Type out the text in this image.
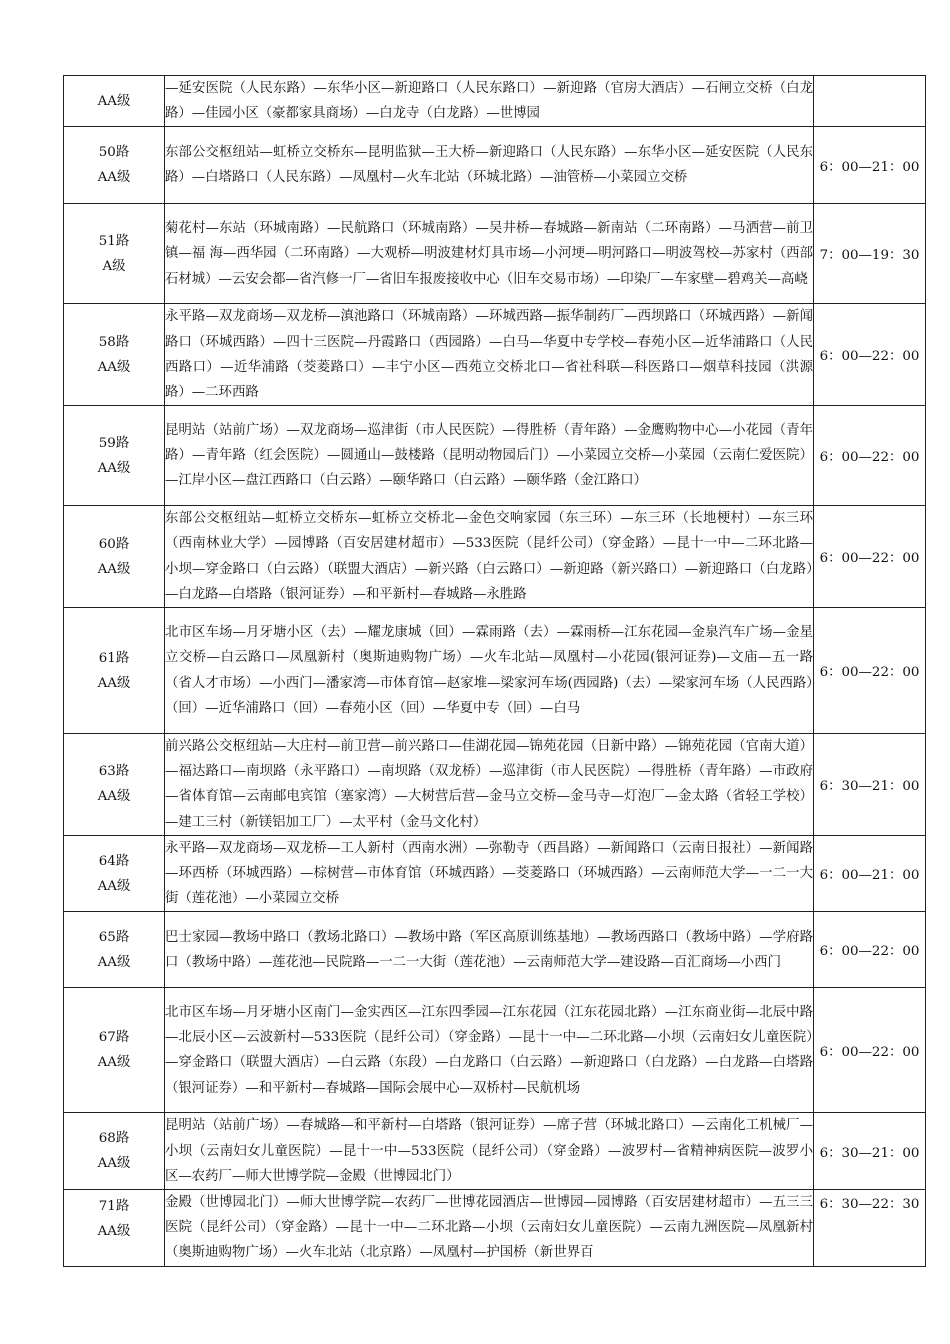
AA级	—延安医院（人民东路）—东华小区—新迎路口（人民东路口）—新迎路（官房大酒店）—石闸立交桥（白龙路）—佳园小区（豪都家具商场）—白龙寺（白龙路）—世博园	

50路
AA级	东部公交枢纽站—虹桥立交桥东—昆明监狱—王大桥—新迎路口（人民东路）—东华小区—延安医院（人民东路）—白塔路口（人民东路）—凤凰村—火车北站（环城北路）—油管桥—小菜园立交桥	6：00—21：00

51路
A级	菊花村—东站（环城南路）—民航路口（环城南路）—吴井桥—春城路—新南站（二环南路）—马洒营—前卫镇—福 海—西华园（二环南路）—大观桥—明波建材灯具市场—小河埂—明河路口—明波驾校—苏家村（西部石材城）—云安会都—省汽修一厂—省旧车报废接收中心（旧车交易市场）—印染厂—车家壁—碧鸡关—高峣	7：00—19：30

58路
AA级	永平路—双龙商场—双龙桥—滇池路口（环城南路）—环城西路—振华制药厂—西坝路口（环城西路）—新闻路口（环城西路）—四十三医院—丹霞路口（西园路）—白马—华夏中专学校—春苑小区—近华浦路口（人民西路口）—近华浦路（茭菱路口）—丰宁小区—西苑立交桥北口—省社科联—科医路口—烟草科技园（洪源路）—二环西路	6：00—22：00

59路
AA级	昆明站（站前广场）—双龙商场—巡津街（市人民医院）—得胜桥（青年路）—金鹰购物中心—小花园（青年路）—青年路（红会医院）—圆通山—鼓楼路（昆明动物园后门）—小菜园立交桥—小菜园（云南仁爱医院）—江岸小区—盘江西路口（白云路）—颐华路口（白云路）—颐华路（金江路口）	6：00—22：00

60路
AA级	东部公交枢纽站—虹桥立交桥东—虹桥立交桥北—金色交响家园（东三环）—东三环（长地梗村）—东三环（西南林业大学）—园博路（百安居建材超市）—533医院（昆纤公司）（穿金路）—昆十一中—二环北路—小坝—穿金路口（白云路）（联盟大酒店）—新兴路（白云路口）—新迎路（新兴路口）—新迎路口（白龙路）—白龙路—白塔路（银河证券）—和平新村—春城路—永胜路	6：00—22：00

61路
AA级	北市区车场—月牙塘小区（去）—耀龙康城（回）—霖雨路（去）—霖雨桥—江东花园—金泉汽车广场—金星立交桥—白云路口—凤凰新村（奥斯迪购物广场）—火车北站—凤凰村—小花园(银河证券)—文庙—五一路（省人才市场）—小西门—潘家湾—市体育馆—赵家堆—梁家河车场(西园路)（去）—梁家河车场（人民西路）（回）—近华浦路口（回）—春苑小区（回）—华夏中专（回）—白马	6：00—22：00

63路
AA级	前兴路公交枢纽站—大庄村—前卫营—前兴路口—佳湖花园—锦苑花园（日新中路）—锦苑花园（官南大道）—福达路口—南坝路（永平路口）—南坝路（双龙桥）—巡津街（市人民医院）—得胜桥（青年路）—市政府—省体育馆—云南邮电宾馆（塞家湾）—大树营后营—金马立交桥—金马寺—灯泡厂—金太路（省轻工学校）—建工三村（新镁铝加工厂）—太平村（金马文化村）	6：30—21：00

64路
AA级	永平路—双龙商场—双龙桥—工人新村（西南水洲）—弥勒寺（西昌路）—新闻路口（云南日报社）—新闻路—环西桥（环城西路）—棕树营—市体育馆（环城西路）—茭菱路口（环城西路）—云南师范大学—一二一大街（莲花池）—小菜园立交桥	6：00—21：00

65路
AA级	巴士家园—教场中路口（教场北路口）—教场中路（军区高原训练基地）—教场西路口（教场中路）—学府路口（教场中路）—莲花池—民院路—一二一大街（莲花池）—云南师范大学—建设路—百汇商场—小西门	6：00—22：00

67路
AA级	北市区车场—月牙塘小区南门—金实西区—江东四季园—江东花园（江东花园北路）—江东商业街—北辰中路—北辰小区—云波新村—533医院（昆纤公司）（穿金路）—昆十一中—二环北路—小坝（云南妇女儿童医院）—穿金路口（联盟大酒店）—白云路（东段）—白龙路口（白云路）—新迎路口（白龙路）—白龙路—白塔路（银河证券）—和平新村—春城路—国际会展中心—双桥村—民航机场	6：00—22：00

68路
AA级	昆明站（站前广场）—春城路—和平新村—白塔路（银河证券）—席子营（环城北路口）—云南化工机械厂—小坝（云南妇女儿童医院）—昆十一中—533医院（昆纤公司）（穿金路）—波罗村—省精神病医院—波罗小区—农药厂—师大世博学院—金殿（世博园北门）	6：30—21：00

71路
AA级	金殿（世博园北门）—师大世博学院—农药厂—世博花园酒店—世博园—园博路（百安居建材超市）—五三三医院（昆纤公司）（穿金路）—昆十一中—二环北路—小坝（云南妇女儿童医院）—云南九洲医院—凤凰新村（奥斯迪购物广场）—火车北站（北京路）—凤凰村—护国桥（新世界百	6：30—22：30
